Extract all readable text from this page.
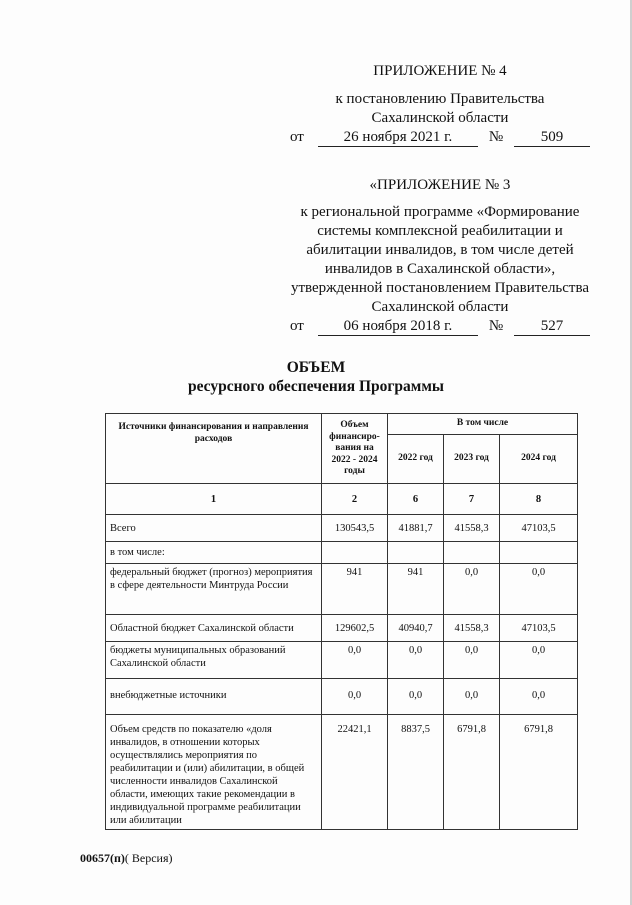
ПРИЛОЖЕНИЕ № 4
к постановлению Правительства
Сахалинской области
от	26 ноября 2021 г.	№	509
«ПРИЛОЖЕНИЕ № 3
к региональной программе «Формирование
системы комплексной реабилитации и
абилитации инвалидов, в том числе детей
инвалидов в Сахалинской области»,
утвержденной постановлением Правительства
Сахалинской области
от	06 ноября 2018 г.	№	527
ОБЪЕМ
ресурсного обеспечения Программы
Источники финансирования и направления расходов	Объем финансиро-вания на 2022 - 2024 годы	В том числе		
		2022 год	2023 год	2024 год
1	2	6	7	8
Всего	130543,5	41881,7	41558,3	47103,5
в том числе:				
федеральный бюджет (прогноз) мероприятия в сфере деятельности Минтруда России	941	941	0,0	0,0
Областной бюджет Сахалинской области	129602,5	40940,7	41558,3	47103,5
бюджеты муниципальных образований Сахалинской области	0,0	0,0	0,0	0,0
внебюджетные источники	0,0	0,0	0,0	0,0
Объем средств по показателю «доля инвалидов, в отношении которых осуществлялись мероприятия по реабилитации и (или) абилитации, в общей численности инвалидов Сахалинской области, имеющих такие рекомендации в индивидуальной программе реабилитации или абилитации	22421,1	8837,5	6791,8	6791,8
00657(п)( Версия)
